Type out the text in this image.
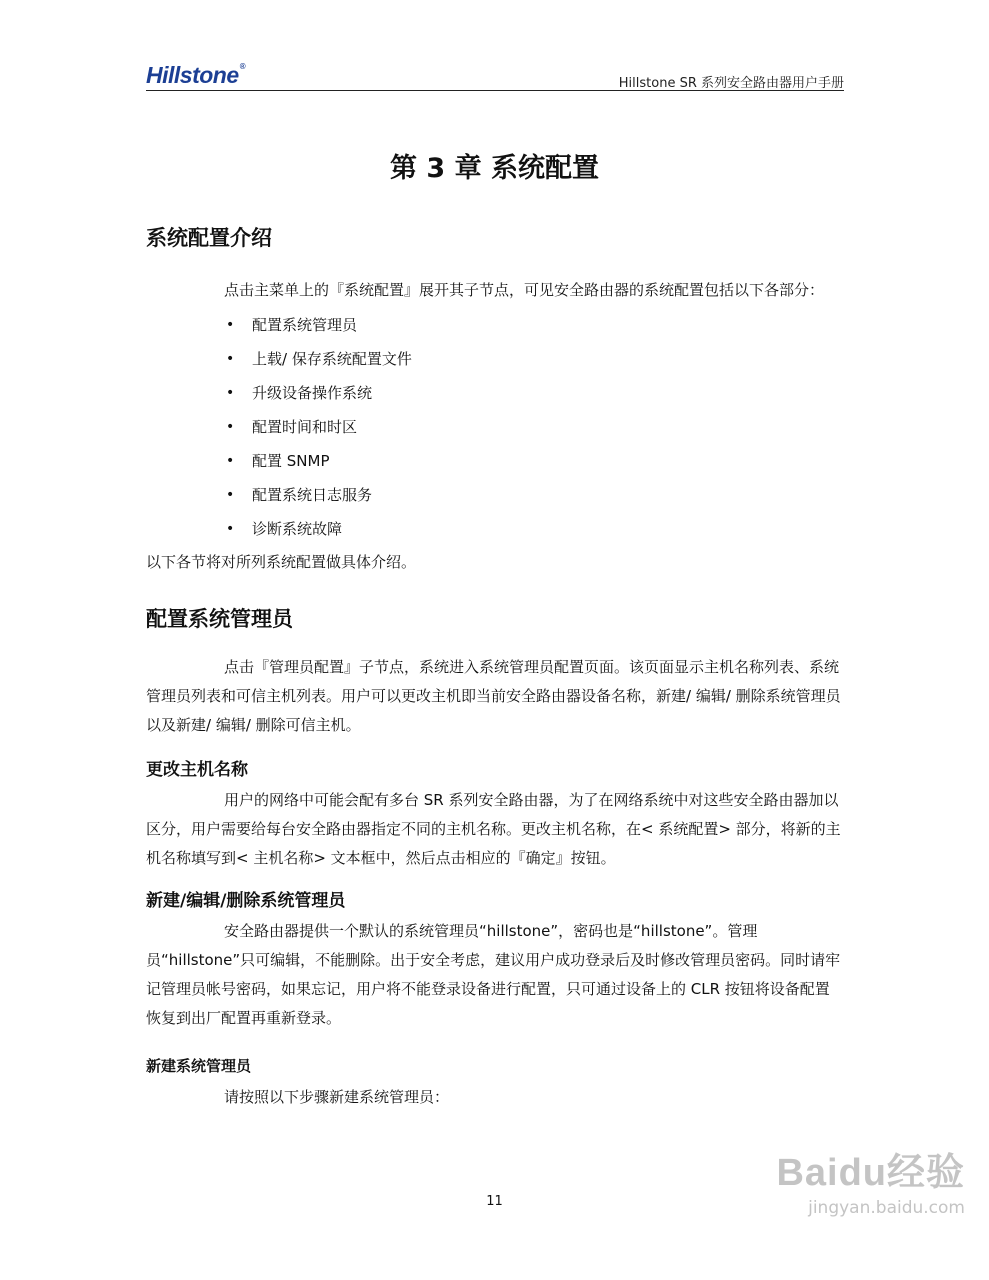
Hillstone®
Hillstone SR 系列安全路由器用户手册
第 3 章 系统配置
系统配置介绍

点击主菜单上的『系统配置』展开其子节点，可见安全路由器的系统配置包括以下各部分：

• 配置系统管理员
• 上载/ 保存系统配置文件
• 升级设备操作系统
• 配置时间和时区
• 配置 SNMP
• 配置系统日志服务
• 诊断系统故障

以下各节将对所列系统配置做具体介绍。

配置系统管理员

点击『管理员配置』子节点，系统进入系统管理员配置页面。该页面显示主机名称列表、系统管理员列表和可信主机列表。用户可以更改主机即当前安全路由器设备名称，新建/ 编辑/ 删除系统管理员以及新建/ 编辑/ 删除可信主机。

更改主机名称

用户的网络中可能会配有多台 SR 系列安全路由器，为了在网络系统中对这些安全路由器加以区分，用户需要给每台安全路由器指定不同的主机名称。更改主机名称，在< 系统配置> 部分，将新的主机名称填写到< 主机名称> 文本框中，然后点击相应的『确定』按钮。

新建/编辑/删除系统管理员

安全路由器提供一个默认的系统管理员“hillstone”，密码也是“hillstone”。管理员“hillstone”只可编辑，不能删除。出于安全考虑，建议用户成功登录后及时修改管理员密码。同时请牢记管理员帐号密码，如果忘记，用户将不能登录设备进行配置，只可通过设备上的 CLR 按钮将设备配置恢复到出厂配置再重新登录。

新建系统管理员

请按照以下步骤新建系统管理员：

11
Baidu经验
jingyan.baidu.com
